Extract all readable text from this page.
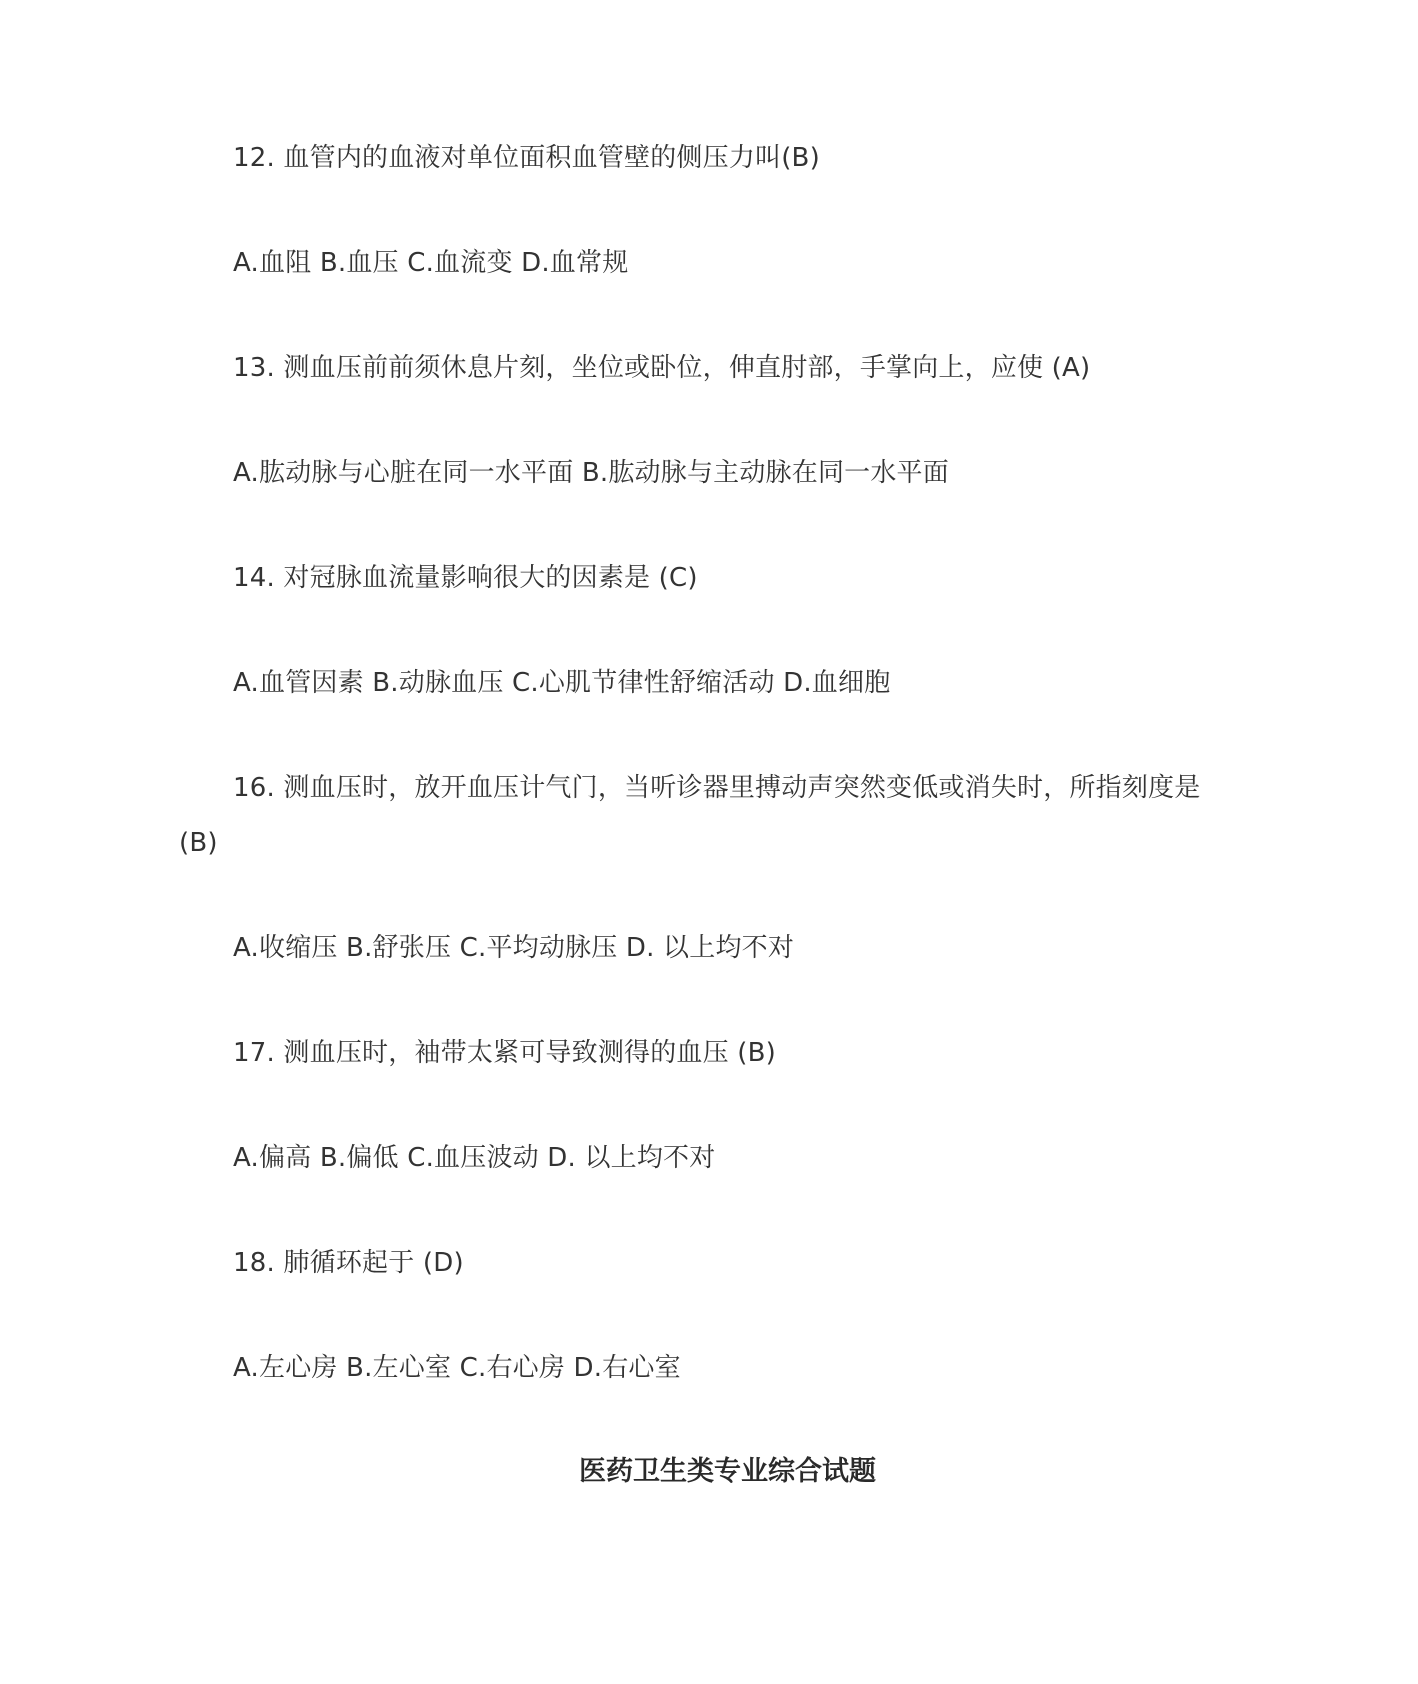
12. 血管内的血液对单位面积血管壁的侧压力叫(B)
A.血阻 B.血压 C.血流变 D.血常规
13. 测血压前前须休息片刻，坐位或卧位，伸直肘部，手掌向上，应使 (A)
A.肱动脉与心脏在同一水平面 B.肱动脉与主动脉在同一水平面
14. 对冠脉血流量影响很大的因素是 (C)
A.血管因素 B.动脉血压 C.心肌节律性舒缩活动 D.血细胞
16. 测血压时，放开血压计气门，当听诊器里搏动声突然变低或消失时，所指刻度是
(B)
A.收缩压 B.舒张压 C.平均动脉压 D. 以上均不对
17. 测血压时，袖带太紧可导致测得的血压 (B)
A.偏高 B.偏低 C.血压波动 D. 以上均不对
18. 肺循环起于 (D)
A.左心房 B.左心室 C.右心房 D.右心室
医药卫生类专业综合试题
